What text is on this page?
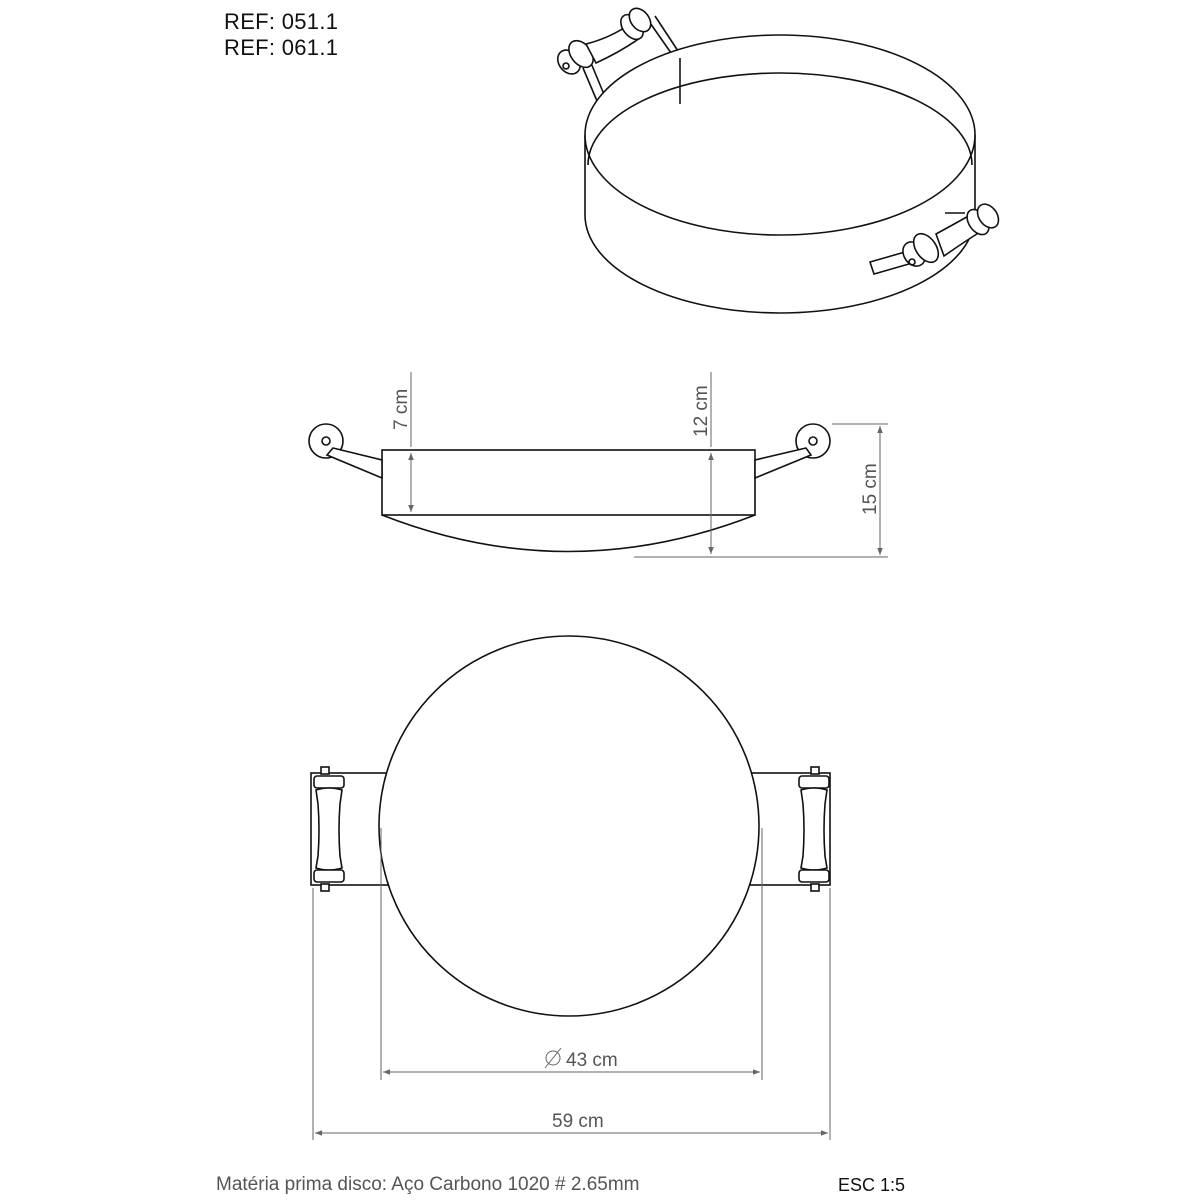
REF: 051.1
REF: 061.1
7 cm	12 cm
15 cm
43 cm
59 cm
Matéria prima disco: Aço Carbono 1020 # 2.65mm	ESC 1:5
